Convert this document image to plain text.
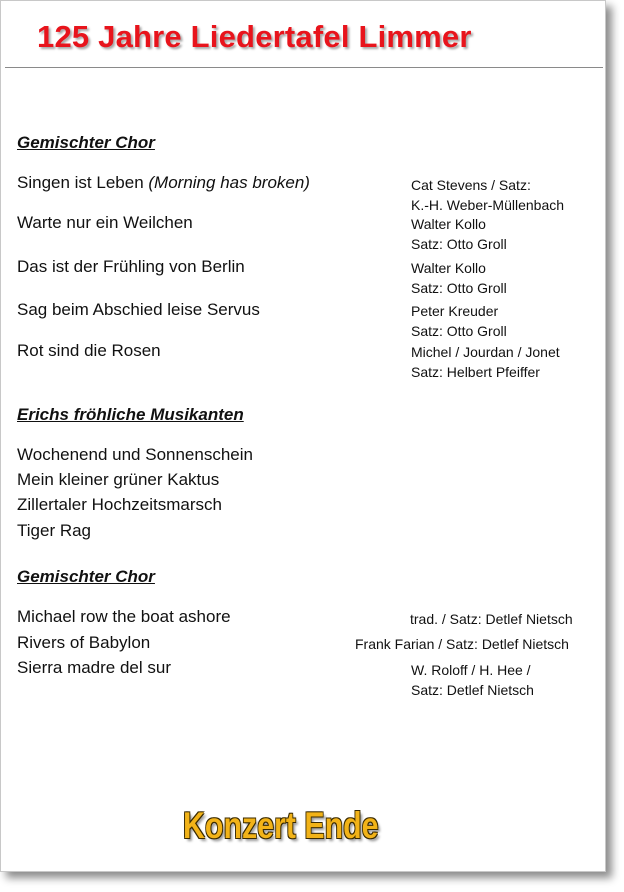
125 Jahre Liedertafel Limmer
Gemischter Chor
Singen ist Leben (Morning has broken)	Cat Stevens / Satz:
K.-H. Weber-Müllenbach
Warte nur ein Weilchen	Walter Kollo
Satz: Otto Groll
Das ist der Frühling von Berlin	Walter Kollo
Satz: Otto Groll
Sag beim Abschied leise Servus	Peter Kreuder
Satz: Otto Groll
Rot sind die Rosen	Michel / Jourdan / Jonet
Satz: Helbert Pfeiffer
Erichs fröhliche Musikanten
Wochenend und Sonnenschein
Mein kleiner grüner Kaktus
Zillertaler Hochzeitsmarsch
Tiger Rag
Gemischter Chor
Michael row the boat ashore	trad. / Satz: Detlef Nietsch
Rivers of Babylon	Frank Farian / Satz: Detlef Nietsch
Sierra madre del sur	W. Roloff / H. Hee /
Satz: Detlef Nietsch
Konzert Ende
